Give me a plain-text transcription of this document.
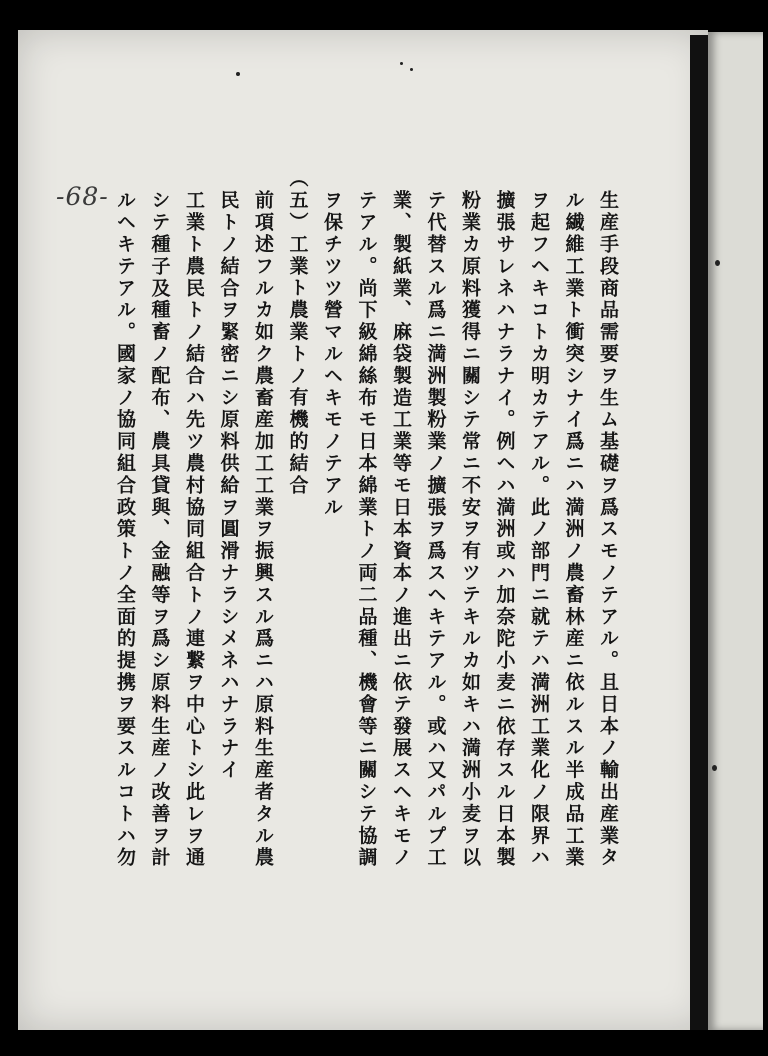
-68-	生産手段商品需要ヲ生ム基礎ヲ爲スモノテアル。且日本ノ輸出産業タ
ル繊維工業ト衝突シナイ爲ニハ満洲ノ農畜林産ニ依ルスル半成品工業
ヲ起フヘキコトカ明カテアル。此ノ部門ニ就テハ満洲工業化ノ限界ハ
擴張サレネハナラナイ。例ヘハ満洲或ハ加奈陀小麦ニ依存スル日本製
粉業カ原料獲得ニ關シテ常ニ不安ヲ有ツテキルカ如キハ満洲小麦ヲ以
テ代替スル爲ニ満洲製粉業ノ擴張ヲ爲スヘキテアル。或ハ又パルプ工
業、製紙業、麻袋製造工業等モ日本資本ノ進出ニ依テ發展スヘキモノ
テアル。尚下級綿絲布モ日本綿業トノ両二品種、機會等ニ關シテ協調
ヲ保チツツ營マルヘキモノテアル
（五）工業ト農業トノ有機的結合
前項述フルカ如ク農畜産加工工業ヲ振興スル爲ニハ原料生産者タル農
民トノ結合ヲ緊密ニシ原料供給ヲ圓滑ナラシメネハナラナイ
工業ト農民トノ結合ハ先ツ農村協同組合トノ連繋ヲ中心トシ此レヲ通
シテ種子及種畜ノ配布、農具貸與、金融等ヲ爲シ原料生産ノ改善ヲ計
ルヘキテアル。國家ノ協同組合政策トノ全面的提携ヲ要スルコトハ勿
